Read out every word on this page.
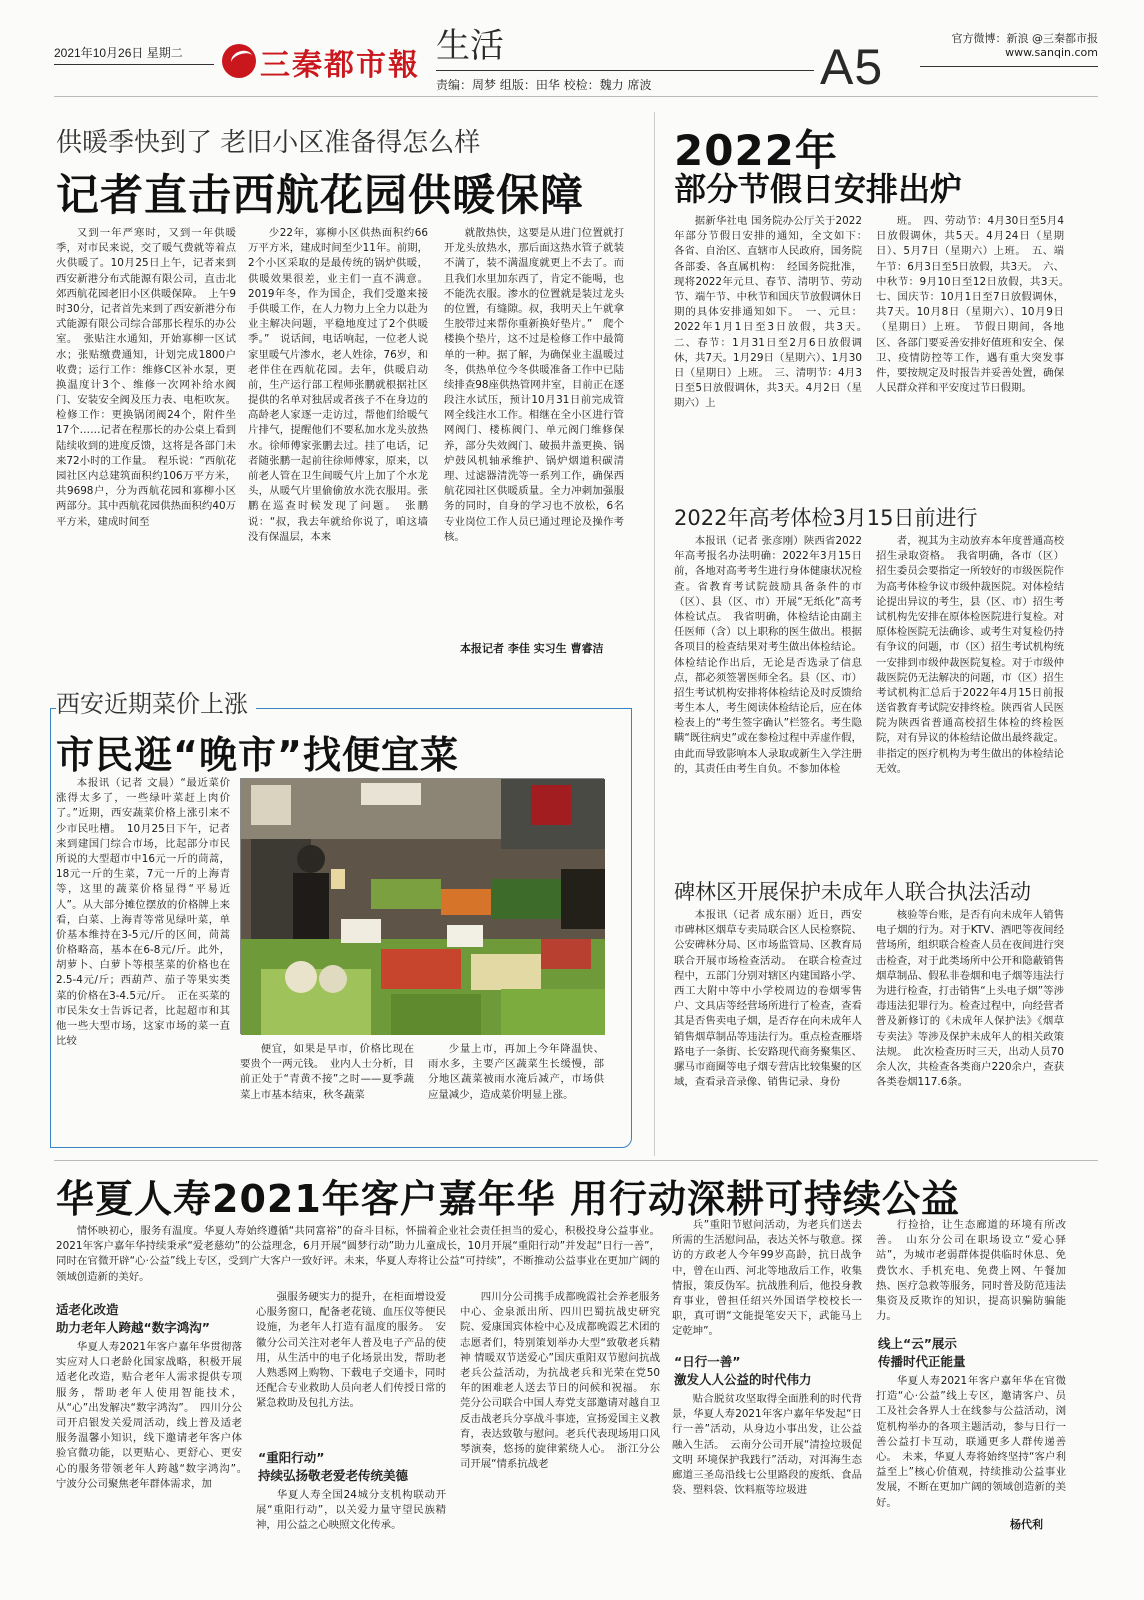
2021年10月26日 星期二	三秦都市報 生活	A5
责编：周梦 组版：田华 校检：魏力 席波
官方微博：新浪 @三秦都市报
www.sanqin.com
供暖季快到了 老旧小区准备得怎么样
记者直击西航花园供暖保障

又到一年严寒时，又到一年供暖季，对市民来说，交了暖气费就等着点火供暖了。10月25日上午，记者来到西安新港分布式能源有限公司，直击北郊西航花园老旧小区供暖保障。　上午9时30分，记者首先来到了西安新港分布式能源有限公司综合部那长程乐的办公室。　张贴注水通知，开始寡柳一区试水；张贴缴费通知，计划完成1800户收费；运行工作：维修C区补水泵，更换温度计3个、维修一次网补给水阀门、安装安全阀及压力表、电柜吹灰。检修工作：更换锅闭阀24个，附件坐17个……记者在程那长的办公桌上看到陆续收到的进度反馈，这将是各部门未来72小时的工作量。　程乐说：“西航花园社区内总建筑面积约106万平方米，共9698户，分为西航花园和寡柳小区两部分。其中西航花园供热面积约40万平方米，建成时间至

少22年，寡柳小区供热面积约66万平方米，建成时间至少11年。前期，2个小区采取的是最传统的锅炉供暖，供暖效果很差，业主们一直不满意。2019年冬，作为国企，我们受邀来接手供暖工作，在人力物力上全力以赴为业主解决问题，平稳地度过了2个供暖季。”　说话间，电话响起，一位老人说家里暖气片渗水，老人姓徐，76岁，和老伴住在西航花园。去年，供暖启动前，生产运行部工程师张鹏就根据社区提供的名单对独居或者孩子不在身边的高龄老人家逐一走访过，帮他们给暖气片排气，提醒他们不要私加水龙头放热水。徐师傅家张鹏去过。挂了电话，记者随张鹏一起前往徐师傅家，原来，以前老人管在卫生间暖气片上加了个水龙头，从暖气片里偷偷放水洗衣服用。张鹏在巡查时候发现了问题。　张鹏说：“叔，我去年就给你说了，咱这墙没有保温层，本来

就散热快，这要是从进门位置就打开龙头放热水，那后面这热水管子就装不满了，装不满温度就更上不去了。而且我们水里加东西了，肯定不能喝，也不能洗衣服。渗水的位置就是装过龙头的位置，有缝隙。叔，我明天上午就拿生胶带过来帮你重新换好垫片。”　爬个楼换个垫片，这不过是检修工作中最简单的一种。据了解，为确保业主温暖过冬，供热单位今冬供暖准备工作中已陆续排查98座供热管网井室，目前正在逐段注水试压，预计10月31日前完成管网全线注水工作。相继在全小区进行管网阀门、楼栋阀门、单元阀门维修保养，部分失效阀门、破损井盖更换、锅炉鼓风机轴承维护、锅炉烟道积碳清理、过滤器清洗等一系列工作，确保西航花园社区供暖质量。全力冲刺加强服务的同时，自身的学习也不放松，6名专业岗位工作人员已通过理论及操作考核。

本报记者 李佳 实习生 曹睿洁
西安近期菜价上涨
市民逛“晚市”找便宜菜

本报讯（记者 文晨）“最近菜价涨得太多了，一些绿叶菜赶上肉价了。”近期，西安蔬菜价格上涨引来不少市民吐槽。　10月25日下午，记者来到建国门综合市场，比起部分市民所说的大型超市中16元一斤的茼蒿，18元一斤的生菜，7元一斤的上海青等，这里的蔬菜价格显得“平易近人”。从大部分摊位摆放的价格牌上来看，白菜、上海青等常见绿叶菜，单价基本维持在3-5元/斤的区间，茼蒿价格略高，基本在6-8元/斤。此外，胡萝卜、白萝卜等根茎菜的价格也在2.5-4元/斤；西葫芦、茄子等果实类菜的价格在3-4.5元/斤。　正在买菜的市民朱女士告诉记者，比起超市和其他一些大型市场，这家市场的菜一直比较

便宜，如果是早市，价格比现在要贵个一两元钱。　业内人士分析，目前正处于“青黄不接”之时——夏季蔬菜上市基本结束，秋冬蔬菜

少量上市，再加上今年降温快、雨水多，主要产区蔬菜生长缓慢，部分地区蔬菜被雨水淹后减产，市场供应量减少，造成菜价明显上涨。

2022年
部分节假日安排出炉

据新华社电 国务院办公厅关于2022年部分节假日安排的通知，全文如下：　各省、自治区、直辖市人民政府，国务院各部委、各直属机构：　经国务院批准，现将2022年元旦、春节、清明节、劳动节、端午节、中秋节和国庆节放假调休日期的具体安排通知如下。　一、元旦：2022年1月1日至3日放假，共3天。　二、春节：1月31日至2月6日放假调休，共7天。1月29日（星期六）、1月30日（星期日）上班。　三、清明节：4月3日至5日放假调休，共3天。4月2日（星期六）上

班。　四、劳动节：4月30日至5月4日放假调休，共5天。4月24日（星期日）、5月7日（星期六）上班。　五、端午节：6月3日至5日放假，共3天。　六、中秋节：9月10日至12日放假，共3天。　七、国庆节：10月1日至7日放假调休，共7天。10月8日（星期六）、10月9日（星期日）上班。　节假日期间，各地区、各部门要妥善安排好值班和安全、保卫、疫情防控等工作，遇有重大突发事件，要按规定及时报告并妥善处置，确保人民群众祥和平安度过节日假期。

2022年高考体检3月15日前进行

本报讯（记者 张彦刚）陕西省2022年高考报名办法明确：2022年3月15日前，各地对高考考生进行身体健康状况检查。省教育考试院鼓励具备条件的市（区）、县（区、市）开展“无纸化”高考体检试点。　我省明确，体检结论由副主任医师（含）以上职称的医生做出。根据各项目的检查结果对考生做出体检结论。体检结论作出后，无论是否选录了信息点，都必须签署医师全名。县（区、市）招生考试机构安排将体检结论及时反馈给考生本人，考生阅读体检结论后，应在体检表上的“考生签字确认”栏签名。考生隐瞒“既往病史”或在参检过程中弄虚作假，由此而导致影响本人录取或新生入学注册的，其责任由考生自负。不参加体检

者，视其为主动放弃本年度普通高校招生录取资格。　我省明确，各市（区）招生委员会要指定一所较好的市级医院作为高考体检争议市级仲裁医院。对体检结论提出异议的考生，县（区、市）招生考试机构先安排在原体检医院进行复检。对原体检医院无法确诊、或考生对复检仍持有争议的问题，市（区）招生考试机构统一安排到市级仲裁医院复检。对于市级仲裁医院仍无法解决的问题，市（区）招生考试机构汇总后于2022年4月15日前报送省教育考试院安排终检。陕西省人民医院为陕西省普通高校招生体检的终检医院，对有异议的体检结论做出最终裁定。非指定的医疗机构为考生做出的体检结论无效。

碑林区开展保护未成年人联合执法活动

本报讯（记者 成东丽）近日，西安市碑林区烟草专卖局联合区人民检察院、公安碑林分局、区市场监管局、区教育局联合开展市场检查活动。　在联合检查过程中，五部门分别对辖区内建国路小学、西工大附中等中小学校周边的卷烟零售户、文具店等经营场所进行了检查，查看其是否售卖电子烟，是否存在向未成年人销售烟草制品等违法行为。重点检查雁塔路电子一条街、长安路现代商务聚集区、骡马市商圈等电子烟专营店比较集聚的区域，查看录音录像、销售记录、身份

核验等台账，是否有向未成年人销售电子烟的行为。对于KTV、酒吧等夜间经营场所，组织联合检查人员在夜间进行突击检查，对于此类场所中公开和隐蔽销售烟草制品、假私非卷烟和电子烟等违法行为进行检查，打击销售“上头电子烟”等涉毒违法犯罪行为。检查过程中，向经营者普及新修订的《未成年人保护法》《烟草专卖法》等涉及保护未成年人的相关政策法规。　此次检查历时三天，出动人员70余人次，共检查各类商户220余户，查获各类卷烟117.6条。

华夏人寿2021年客户嘉年华 用行动深耕可持续公益

情怀映初心，服务有温度。华夏人寿始终遵循“共同富裕”的奋斗目标，怀揣着企业社会责任担当的爱心，积极投身公益事业。2021年客户嘉年华持续秉承“爱老慈幼”的公益理念，6月开展“圆梦行动”助力儿童成长，10月开展“重阳行动”并发起“日行一善”，同时在官微开辟“心·公益”线上专区，受到广大客户一致好评。未来，华夏人寿将让公益“可持续”，不断推动公益事业在更加广阔的领域创造新的美好。

适老化改造
助力老年人跨越“数字鸿沟”

华夏人寿2021年客户嘉年华贯彻落实应对人口老龄化国家战略，积极开展适老化改造，贴合老年人需求提供专项服务，帮助老年人使用智能技术，从“心”出发解决“数字鸿沟”。　四川分公司开启银发关爱周活动，线上普及适老服务温馨小知识，线下邀请老年客户体验官微功能，以更贴心、更舒心、更安心的服务带领老年人跨越“数字鸿沟”。　宁波分公司聚焦老年群体需求，加

强服务硬实力的提升，在柜面增设爱心服务窗口，配备老花镜、血压仪等便民设施，为老年人打造有温度的服务。　安徽分公司关注对老年人普及电子产品的使用，从生活中的电子化场景出发，帮助老人熟悉网上购物、下载电子交通卡，同时还配合专业救助人员向老人们传授日常的紧急救助及包扎方法。

“重阳行动”
持续弘扬敬老爱老传统美德

华夏人寿全国24城分支机构联动开展“重阳行动”，以关爱力量守望民族精神，用公益之心映照文化传承。

四川分公司携手成都晚霞社会养老服务中心、金泉派出所、四川巴蜀抗战史研究院、爱康国宾体检中心及成都晚霞艺术团的志愿者们，特别策划举办大型“致敬老兵精神 情暖双节送爱心”国庆重阳双节慰问抗战老兵公益活动，为抗战老兵和光荣在党50年的困难老人送去节日的问候和祝福。　东莞分公司联合中国人寿党支部邀请对越自卫反击战老兵分享战斗事迹，宣扬爱国主义教育，表达致敬与慰问。老兵代表现场用口风琴演奏，悠扬的旋律萦绕人心。　浙江分公司开展“情系抗战老

兵”重阳节慰问活动，为老兵们送去所需的生活慰问品，表达关怀与敬意。探访的方政老人今年99岁高龄，抗日战争中，曾在山西、河北等地敌后工作，收集情报，策反伪军。抗战胜利后，他投身教育事业，曾担任绍兴外国语学校校长一职，真可谓“文能提笔安天下，武能马上定乾坤”。

“日行一善”
激发人人公益的时代伟力

贴合脱贫攻坚取得全面胜利的时代背景，华夏人寿2021年客户嘉年华发起“日行一善”活动，从身边小事出发，让公益融入生活。　云南分公司开展“清捡垃圾促文明 环境保护我践行”活动，对洱海生态廊道三圣岛沿线七公里路段的废纸、食品袋、塑料袋、饮料瓶等垃圾进

行捡拾，让生态廊道的环境有所改善。　山东分公司在职场设立“爱心驿站”，为城市老弱群体提供临时休息、免费饮水、手机充电、免费上网、午餐加热、医疗急救等服务，同时普及防范违法集资及反欺诈的知识，提高识骗防骗能力。

线上“云”展示
传播时代正能量

华夏人寿2021年客户嘉年华在官微打造“心·公益”线上专区，邀请客户、员工及社会各界人士在线参与公益活动，浏览机构举办的各项主题活动，参与日行一善公益打卡互动，联通更多人群传递善心。　未来，华夏人寿将始终坚持“客户利益至上”核心价值观，持续推动公益事业发展，不断在更加广阔的领域创造新的美好。

杨代利
